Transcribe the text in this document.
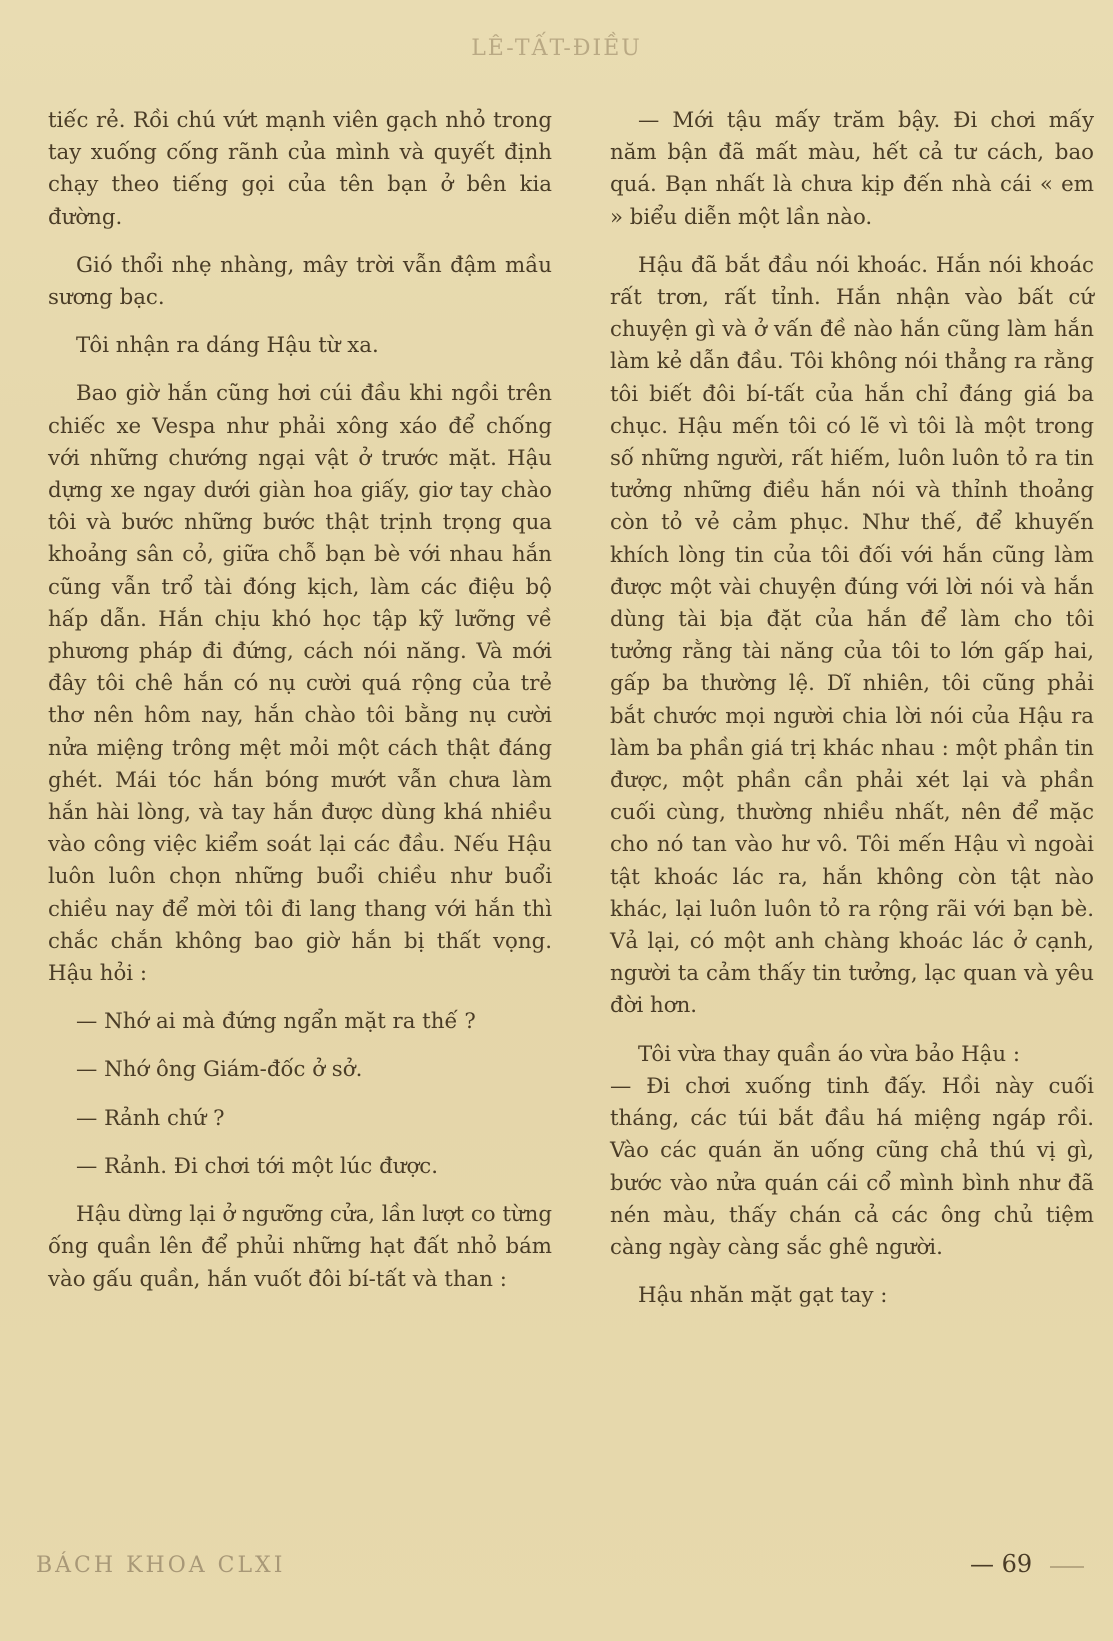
LÊ-TẤT-ĐIỀU

tiếc rẻ. Rồi chú vứt mạnh viên gạch nhỏ trong tay xuống cống rãnh của mình và quyết định chạy theo tiếng gọi của tên bạn ở bên kia đường.

Gió thổi nhẹ nhàng, mây trời vẫn đậm mầu sương bạc.

Tôi nhận ra dáng Hậu từ xa.

Bao giờ hắn cũng hơi cúi đầu khi ngồi trên chiếc xe Vespa như phải xông xáo để chống với những chướng ngại vật ở trước mặt. Hậu dựng xe ngay dưới giàn hoa giấy, giơ tay chào tôi và bước những bước thật trịnh trọng qua khoảng sân cỏ, giữa chỗ bạn bè với nhau hắn cũng vẫn trổ tài đóng kịch, làm các điệu bộ hấp dẫn. Hắn chịu khó học tập kỹ lưỡng về phương pháp đi đứng, cách nói năng. Và mới đây tôi chê hắn có nụ cười quá rộng của trẻ thơ nên hôm nay, hắn chào tôi bằng nụ cười nửa miệng trông mệt mỏi một cách thật đáng ghét. Mái tóc hắn bóng mướt vẫn chưa làm hắn hài lòng, và tay hắn được dùng khá nhiều vào công việc kiểm soát lại các đầu. Nếu Hậu luôn luôn chọn những buổi chiều như buổi chiều nay để mời tôi đi lang thang với hắn thì chắc chắn không bao giờ hắn bị thất vọng. Hậu hỏi :

— Nhớ ai mà đứng ngẩn mặt ra thế ?

— Nhớ ông Giám-đốc ở sở.

— Rảnh chứ ?

— Rảnh. Đi chơi tới một lúc được.

Hậu dừng lại ở ngưỡng cửa, lần lượt co từng ống quần lên để phủi những hạt đất nhỏ bám vào gấu quần, hắn vuốt đôi bí-tất và than :

— Mới tậu mấy trăm bậy. Đi chơi mấy năm bận đã mất màu, hết cả tư cách, bao quá. Bạn nhất là chưa kịp đến nhà cái « em » biểu diễn một lần nào.

Hậu đã bắt đầu nói khoác. Hắn nói khoác rất trơn, rất tỉnh. Hắn nhận vào bất cứ chuyện gì và ở vấn đề nào hắn cũng làm hắn làm kẻ dẫn đầu. Tôi không nói thẳng ra rằng tôi biết đôi bí-tất của hắn chỉ đáng giá ba chục. Hậu mến tôi có lẽ vì tôi là một trong số những người, rất hiếm, luôn luôn tỏ ra tin tưởng những điều hắn nói và thỉnh thoảng còn tỏ vẻ cảm phục. Như thế, để khuyến khích lòng tin của tôi đối với hắn cũng làm được một vài chuyện đúng với lời nói và hắn dùng tài bịa đặt của hắn để làm cho tôi tưởng rằng tài năng của tôi to lớn gấp hai, gấp ba thường lệ. Dĩ nhiên, tôi cũng phải bắt chước mọi người chia lời nói của Hậu ra làm ba phần giá trị khác nhau : một phần tin được, một phần cần phải xét lại và phần cuối cùng, thường nhiều nhất, nên để mặc cho nó tan vào hư vô. Tôi mến Hậu vì ngoài tật khoác lác ra, hắn không còn tật nào khác, lại luôn luôn tỏ ra rộng rãi với bạn bè. Vả lại, có một anh chàng khoác lác ở cạnh, người ta cảm thấy tin tưởng, lạc quan và yêu đời hơn.

Tôi vừa thay quần áo vừa bảo Hậu :

— Đi chơi xuống tinh đấy. Hồi này cuối tháng, các túi bắt đầu há miệng ngáp rồi. Vào các quán ăn uống cũng chả thú vị gì, bước vào nửa quán cái cổ mình bình như đã nén màu, thấy chán cả các ông chủ tiệm càng ngày càng sắc ghê người.

Hậu nhăn mặt gạt tay :

BÁCH KHOA CLXI	— 69
